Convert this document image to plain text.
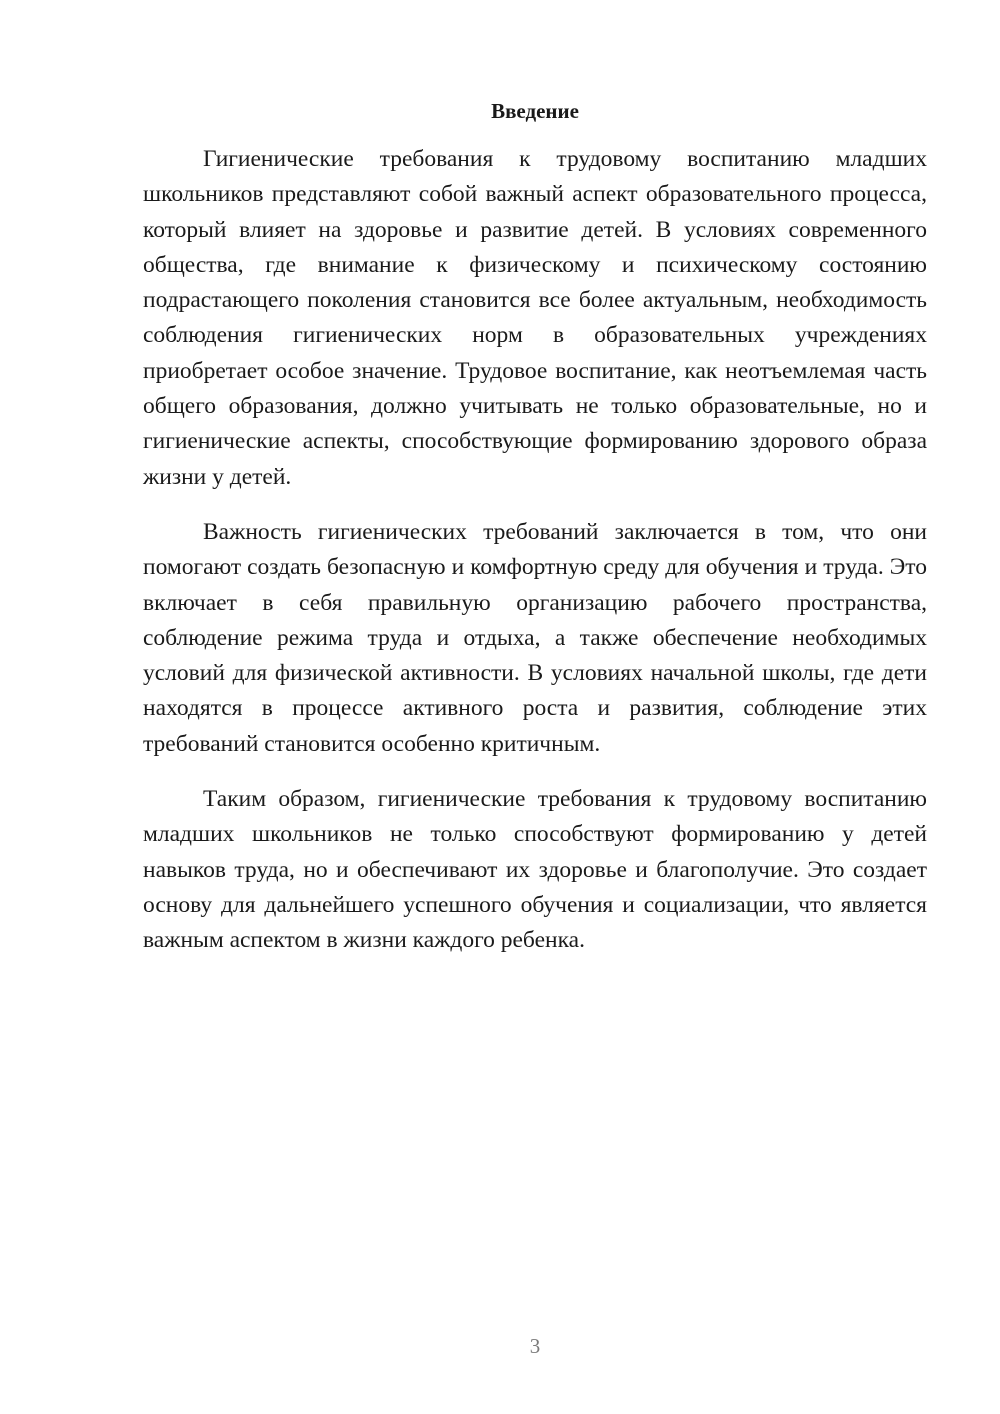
Введение

Гигиенические требования к трудовому воспитанию младших школьников представляют собой важный аспект образовательного процесса, который влияет на здоровье и развитие детей. В условиях современного общества, где внимание к физическому и психическому состоянию подрастающего поколения становится все более актуальным, необходимость соблюдения гигиенических норм в образовательных учреждениях приобретает особое значение. Трудовое воспитание, как неотъемлемая часть общего образования, должно учитывать не только образовательные, но и гигиенические аспекты, способствующие формированию здорового образа жизни у детей.

Важность гигиенических требований заключается в том, что они помогают создать безопасную и комфортную среду для обучения и труда. Это включает в себя правильную организацию рабочего пространства, соблюдение режима труда и отдыха, а также обеспечение необходимых условий для физической активности. В условиях начальной школы, где дети находятся в процессе активного роста и развития, соблюдение этих требований становится особенно критичным.

Таким образом, гигиенические требования к трудовому воспитанию младших школьников не только способствуют формированию у детей навыков труда, но и обеспечивают их здоровье и благополучие. Это создает основу для дальнейшего успешного обучения и социализации, что является важным аспектом в жизни каждого ребенка.

3
